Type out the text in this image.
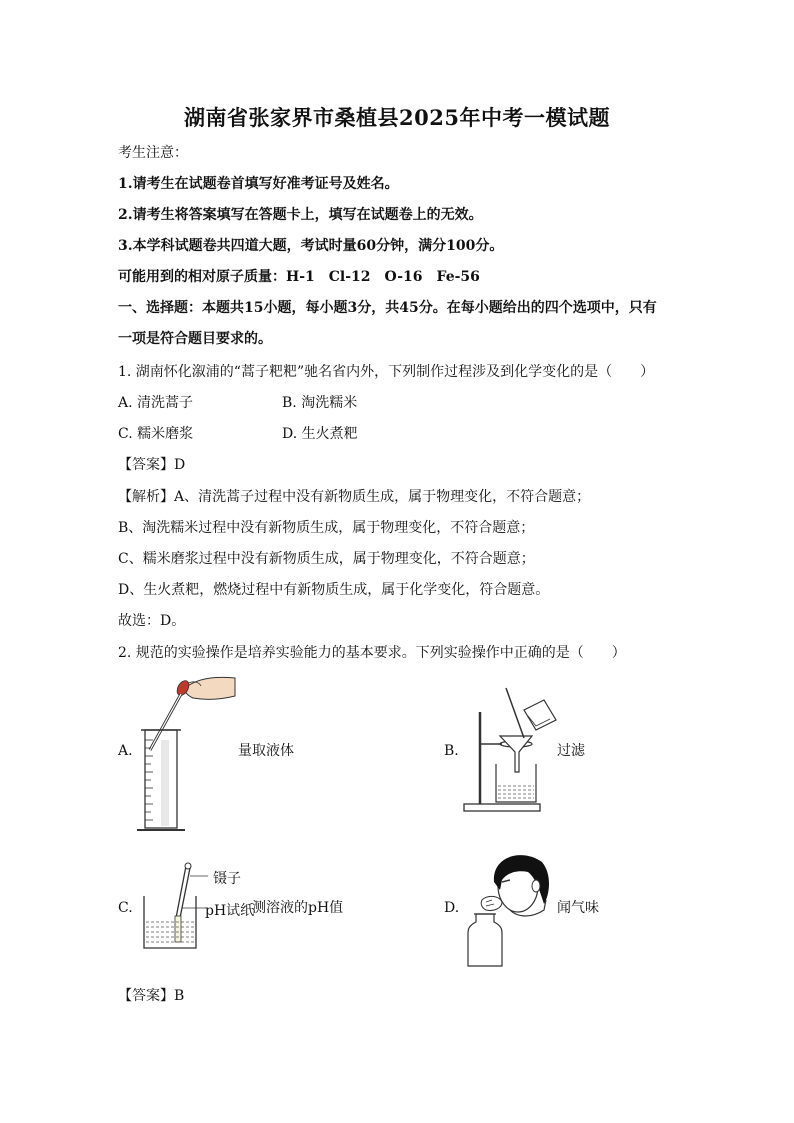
湖南省张家界市桑植县2025年中考一模试题
考生注意：
1.请考生在试题卷首填写好准考证号及姓名。
2.请考生将答案填写在答题卡上，填写在试题卷上的无效。
3.本学科试题卷共四道大题，考试时量60分钟，满分100分。
可能用到的相对原子质量：H-1　Cl-12　O-16　Fe-56
一、选择题：本题共15小题，每小题3分，共45分。在每小题给出的四个选项中，只有
一项是符合题目要求的。
1. 湖南怀化溆浦的“蒿子粑粑”驰名省内外，下列制作过程涉及到化学变化的是（　　）
A. 清洗蒿子	B. 淘洗糯米
C. 糯米磨浆	D. 生火煮粑
【答案】D
【解析】A、清洗蒿子过程中没有新物质生成，属于物理变化，不符合题意；
B、淘洗糯米过程中没有新物质生成，属于物理变化，不符合题意；
C、糯米磨浆过程中没有新物质生成，属于物理变化，不符合题意；
D、生火煮粑，燃烧过程中有新物质生成，属于化学变化，符合题意。
故选：D。
2. 规范的实验操作是培养实验能力的基本要求。下列实验操作中正确的是（　　）
A.	量取液体	B.	过滤
C.
镊子
pH试纸
测溶液的pH值	D.	闻气味
【答案】B
